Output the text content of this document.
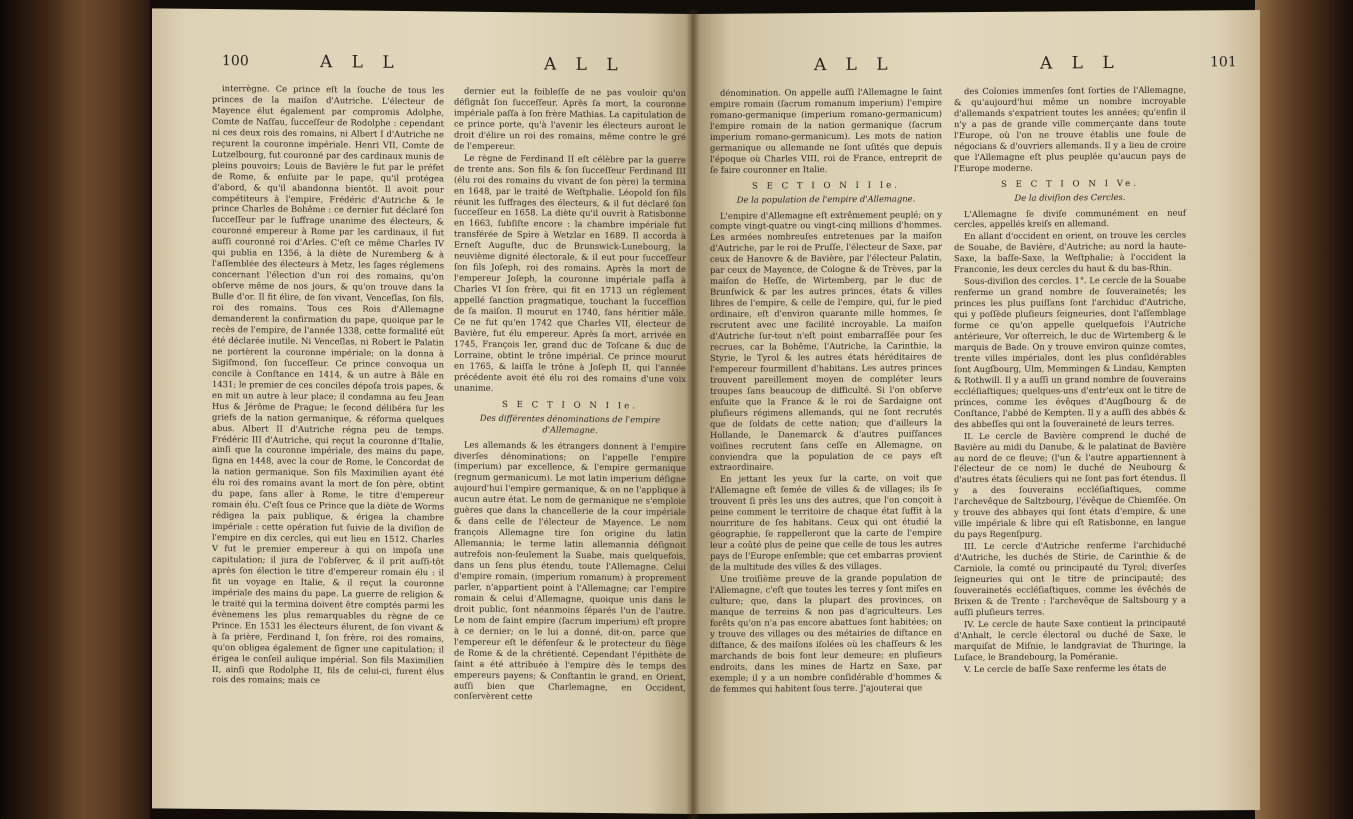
100	A L L	A L L

interrègne. Ce prince eſt la ſouche de tous les princes de la maiſon d'Autriche. L'électeur de Mayence élut également par compromis Adolphe, Comte de Naſſau, ſucceſſeur de Rodolphe : cependant ni ces deux rois des romains, ni Albert I d'Autriche ne reçurent la couronne impériale. Henri VII, Comte de Lutzelbourg, fut couronné par des cardinaux munis de pleins pouvoirs; Louis de Bavière le fut par le préfet de Rome, & enſuite par le pape, qu'il protégea d'abord, & qu'il abandonna bientôt. Il avoit pour compétiteurs à l'empire, Frédéric d'Autriche & le prince Charles de Bohême : ce dernier fut déclaré ſon ſucceſſeur par le ſuffrage unanime des électeurs, & couronné empereur à Rome par les cardinaux, il fut auſſi couronné roi d'Arles. C'eſt ce même Charles IV qui publia en 1356, à la diète de Nuremberg & à l'aſſemblée des électeurs à Metz, les ſages réglemens concernant l'élection d'un roi des romains, qu'on obſerve même de nos jours, & qu'on trouve dans la Bulle d'or. Il fit élire, de ſon vivant, Venceſlas, ſon fils, roi des romains. Tous ces Rois d'Allemagne demanderent la confirmation du pape, quoique par le recès de l'empire, de l'année 1338, cette formalité eût été déclarée inutile. Ni Venceſlas, ni Robert le Palatin ne portèrent la couronne impériale; on la donna à Sigiſmond, ſon ſucceſſeur. Ce prince convoqua un concile à Conſtance en 1414, & un autre à Bâle en 1431; le premier de ces conciles dépoſa trois papes, & en mit un autre à leur place; il condamna au feu Jean Hus & Jérôme de Prague; le ſecond délibéra ſur les griefs de la nation germanique, & réforma quelques abus. Albert II d'Autriche régna peu de temps. Frédéric III d'Autriche, qui reçut la couronne d'Italie, ainſi que la couronne impériale, des mains du pape, ſigna en 1448, avec la cour de Rome, le Concordat de la nation germanique. Son fils Maximilien ayant été élu roi des romains avant la mort de ſon père, obtint du pape, ſans aller à Rome, le titre d'empereur romain élu. C'eſt ſous ce Prince que la diète de Worms rédigea la paix publique, & érigea la chambre impériale : cette opération fut ſuivie de la diviſion de l'empire en dix cercles, qui eut lieu en 1512. Charles V fut le premier empereur à qui on impoſa une capitulation; il jura de l'obſerver, & il prit auſſi-tôt après ſon élection le titre d'empereur romain élu : il fit un voyage en Italie, & il reçut la couronne impériale des mains du pape. La guerre de religion & le traité qui la termina doivent être comptés parmi les évènemens les plus remarquables du règne de ce Prince. En 1531 les électeurs élurent, de ſon vivant & à ſa prière, Ferdinand I, ſon frère, roi des romains, qu'on obligea également de ſigner une capitulation; il érigea le conſeil aulique impérial. Son fils Maximilien II, ainſi que Rodolphe II, fils de celui-ci, furent élus rois des romains; mais ce

dernier eut la foibleſſe de ne pas vouloir qu'on déſignât ſon ſucceſſeur. Après ſa mort, la couronne impériale paſſa à ſon frère Mathias. La capitulation de ce prince porte, qu'à l'avenir les électeurs auront le droit d'élire un roi des romains, même contre le gré de l'empereur.

Le règne de Ferdinand II eſt célèbre par la guerre de trente ans. Son fils & ſon ſucceſſeur Ferdinand III (élu roi des romains du vivant de ſon père) la termina en 1648, par le traité de Weſtphalie. Léopold ſon fils réunit les ſuffrages des électeurs, & il fut déclaré ſon ſucceſſeur en 1658. La diète qu'il ouvrit à Ratisbonne en 1663, ſubſiſte encore : la chambre impériale fut transférée de Spire à Wetzlar en 1689. Il accorda à Erneſt Auguſte, duc de Brunswick-Lunebourg, la neuvième dignité électorale, & il eut pour ſucceſſeur ſon fils Joſeph, roi des romains. Après la mort de l'empereur Joſeph, la couronne impériale paſſa à Charles VI ſon frère, qui fit en 1713 un réglement appellé ſanction pragmatique, touchant la ſucceſſion de ſa maiſon. Il mourut en 1740, ſans héritier mâle. Ce ne fut qu'en 1742 que Charles VII, électeur de Bavière, fut élu empereur. Après ſa mort, arrivée en 1745, François Ier, grand duc de Toſcane & duc de Lorraine, obtint le trône impérial. Ce prince mourut en 1765, & laiſſa le trône à Joſeph II, qui l'année précédente avoit été élu roi des romains d'une voix unanime.

S E C T I O N I Ie.
Des différentes dénominations de l'empire d'Allemagne.

Les allemands & les étrangers donnent à l'empire diverſes dénominations; on l'appelle l'empire (imperium) par excellence, & l'empire germanique (regnum germanicum). Le mot latin imperium déſigne aujourd'hui l'empire germanique, & on ne l'applique à aucun autre état. Le nom de germanique ne s'emploie guères que dans la chancellerie de la cour impériale & dans celle de l'électeur de Mayence. Le nom françois Allemagne tire ſon origine du latin Allemannia; le terme latin allemannia déſignoit autrefois non-ſeulement la Suabe, mais quelquefois, dans un ſens plus étendu, toute l'Allemagne. Celui d'empire romain, (imperium romanum) à proprement parler, n'appartient point à l'Allemagne; car l'empire romain & celui d'Allemagne, quoique unis dans le droit public, ſont néanmoins ſéparés l'un de l'autre. Le nom de ſaint empire (ſacrum imperium) eſt propre à ce dernier; on le lui a donné, dit-on, parce que l'empereur eſt le défenſeur & le protecteur du ſiège de Rome & de la chrétienté. Cependant l'épithète de ſaint a été attribuée à l'empire dès le temps des empereurs payens; & Conſtantin le grand, en Orient, auſſi bien que Charlemagne, en Occident, conſervèrent cette

A L L	A L L	101

dénomination. On appelle auſſi l'Allemagne le ſaint empire romain (ſacrum romanum imperium) l'empire romano-germanique (imperium romano-germanicum) l'empire romain de la nation germanique (ſacrum imperium romano-germanicum). Les mots de nation germanique ou allemande ne ſont uſités que depuis l'époque où Charles VIII, roi de France, entreprit de ſe faire couronner en Italie.

S E C T I O N I I Ie.
De la population de l'empire d'Allemagne.

L'empire d'Allemagne eſt extrêmement peuplé; on y compte vingt-quatre ou vingt-cinq millions d'hommes. Les armées nombreuſes entretenues par la maiſon d'Autriche, par le roi de Pruſſe, l'électeur de Saxe, par ceux de Hanovre & de Bavière, par l'électeur Palatin, par ceux de Mayence, de Cologne & de Trèves, par la maiſon de Heſſe, de Wirtemberg, par le duc de Brunſwick & par les autres princes, états & villes libres de l'empire, & celle de l'empire, qui, ſur le pied ordinaire, eſt d'environ quarante mille hommes, ſe recrutent avec une facilité incroyable. La maiſon d'Autriche ſur-tout n'eſt point embarraſſée pour ſes recrues, car la Bohême, l'Autriche, la Carinthie, la Styrie, le Tyrol & les autres états héréditaires de l'empereur fourmillent d'habitans. Les autres princes trouvent pareillement moyen de compléter leurs troupes ſans beaucoup de difficulté. Si l'on obſerve enſuite que la France & le roi de Sardaigne ont pluſieurs régimens allemands, qui ne ſont recrutés que de ſoldats de cette nation; que d'ailleurs la Hollande, le Danemarck & d'autres puiſſances voiſines recrutent ſans ceſſe en Allemagne, on conviendra que la population de ce pays eſt extraordinaire.

En jettant les yeux ſur la carte, on voit que l'Allemagne eſt ſemée de villes & de villages; ils ſe trouvent ſi près les uns des autres, que l'on conçoit à peine comment le territoire de chaque état ſuffit à la nourriture de ſes habitans. Ceux qui ont étudié la géographie, ſe rappelleront que la carte de l'empire leur a coûté plus de peine que celle de tous les autres pays de l'Europe enſemble; que cet embarras provient de la multitude des villes & des villages.

Une troiſième preuve de la grande population de l'Allemagne, c'eſt que toutes les terres y ſont miſes en culture; que, dans la plupart des provinces, on manque de terreins & non pas d'agriculteurs. Les forêts qu'on n'a pas encore abattues ſont habitées; on y trouve des villages ou des métairies de diſtance en diſtance, & des maiſons iſolées où les chaſſeurs & les marchands de bois font leur demeure; en pluſieurs endroits, dans les mines de Hartz en Saxe, par exemple; il y a un nombre conſidérable d'hommes & de femmes qui habitent ſous terre. J'ajouterai que

des Colonies immenſes ſont ſorties de l'Allemagne, & qu'aujourd'hui même un nombre incroyable d'allemands s'expatrient toutes les années; qu'enfin il n'y a pas de grande ville commerçante dans toute l'Europe, où l'on ne trouve établis une foule de négocians & d'ouvriers allemands. Il y a lieu de croire que l'Allemagne eſt plus peuplée qu'aucun pays de l'Europe moderne.

S E C T I O N I Ve.
De la diviſion des Cercles.

L'Allemagne ſe diviſe communément en neuf cercles, appellés kreiſs en allemand.

En allant d'occident en orient, on trouve les cercles de Souabe, de Bavière, d'Autriche; au nord la haute-Saxe, la baſſe-Saxe, la Weſtphalie; à l'occident la Franconie, les deux cercles du haut & du bas-Rhin.

Sous-diviſion des cercles. 1°. Le cercle de la Souabe renferme un grand nombre de ſouverainetés; les princes les plus puiſſans ſont l'archiduc d'Autriche, qui y poſſède pluſieurs ſeigneuries, dont l'aſſemblage forme ce qu'on appelle quelquefois l'Autriche antérieure, Vor oſterreich, le duc de Wirtemberg & le marquis de Bade. On y trouve environ quinze comtes, trente villes impériales, dont les plus conſidérables ſont Augſbourg, Ulm, Memmingen & Lindau, Kempten & Rothwill. Il y a auſſi un grand nombre de ſouverains eccléſiaſtiques; quelques-uns d'entr'eux ont le titre de princes, comme les évêques d'Augſbourg & de Conſtance, l'abbé de Kempten. Il y a auſſi des abbés & des abbeſſes qui ont la ſouveraineté de leurs terres.

II. Le cercle de Bavière comprend le duché de Bavière au midi du Danube, & le palatinat de Bavière au nord de ce fleuve; (l'un & l'autre appartiennent à l'électeur de ce nom) le duché de Neubourg & d'autres états ſéculiers qui ne ſont pas fort étendus. Il y a des ſouverains eccléſiaſtiques, comme l'archevêque de Saltzbourg, l'évêque de Chiemſée. On y trouve des abbayes qui ſont états d'empire, & une ville impériale & libre qui eſt Ratisbonne, en langue du pays Regenſpurg.

III. Le cercle d'Autriche renferme l'archiduché d'Autriche, les duchés de Stirie, de Carinthie & de Carniole, la comté ou principauté du Tyrol; diverſes ſeigneuries qui ont le titre de principauté; des ſouverainetés eccléſiaſtiques, comme les évêchés de Brixen & de Trente : l'archevêque de Saltsbourg y a auſſi pluſieurs terres.

IV. Le cercle de haute Saxe contient la principauté d'Anhalt, le cercle électoral ou duché de Saxe, le marquiſat de Miſnie, le landgraviat de Thuringe, la Luſace, le Brandebourg, la Poméranie.

V. Le cercle de baſſe Saxe renferme les états de
